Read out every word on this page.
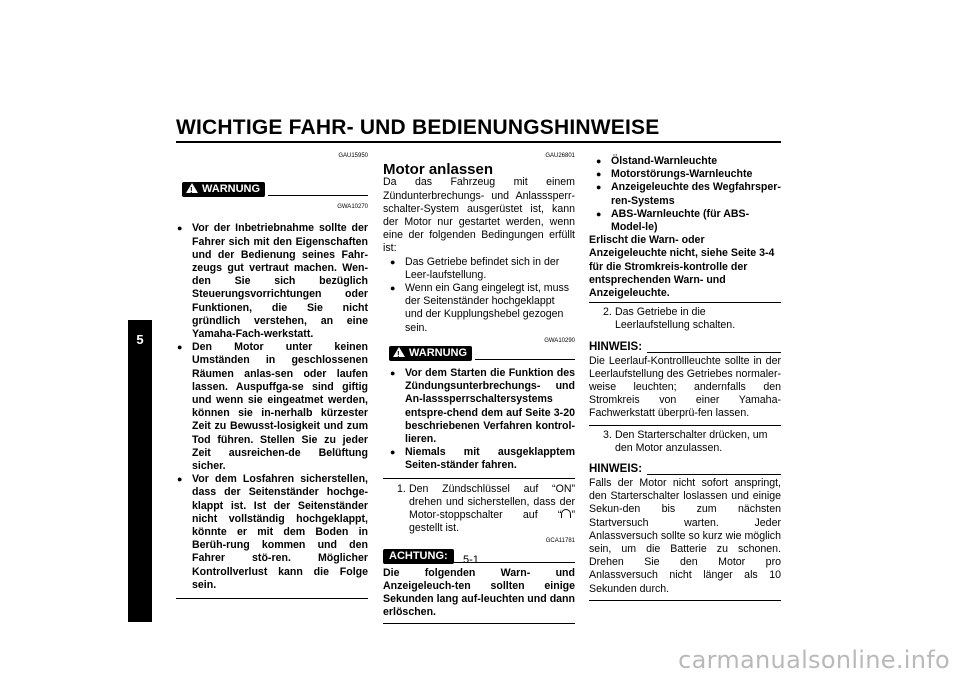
WICHTIGE FAHR- UND BEDIENUNGSHINWEISE
5
GAU15950
!WARNUNG
GWA10270
● Vor der Inbetriebnahme sollte der Fahrer sich mit den Eigenschaften und der Bedienung seines Fahr-zeugs gut vertraut machen. Wen-den Sie sich bezüglich Steuerungsvorrichtungen oder Funktionen, die Sie nicht gründlich verstehen, an eine Yamaha-Fach-werkstatt.
● Den Motor unter keinen Umständen in geschlossenen Räumen anlas-sen oder laufen lassen. Auspuffga-se sind giftig und wenn sie eingeatmet werden, können sie in-nerhalb kürzester Zeit zu Bewusst-losigkeit und zum Tod führen. Stellen Sie zu jeder Zeit ausreichen-de Belüftung sicher.
● Vor dem Losfahren sicherstellen, dass der Seitenständer hochge-klappt ist. Ist der Seitenständer nicht vollständig hochgeklappt, könnte er mit dem Boden in Berüh-rung kommen und den Fahrer stö-ren. Möglicher Kontrollverlust kann die Folge sein.
GAU26801
Motor anlassen
Da das Fahrzeug mit einem Zündunterbrechungs- und Anlasssperr-schalter-System ausgerüstet ist, kann der Motor nur gestartet werden, wenn eine der folgenden Bedingungen erfüllt ist:
● Das Getriebe befindet sich in der Leer-laufstellung.
● Wenn ein Gang eingelegt ist, muss der Seitenständer hochgeklappt und der Kupplungshebel gezogen sein.
GWA10290
!WARNUNG
● Vor dem Starten die Funktion des Zündungsunterbrechungs- und An-lasssperrschaltersystems entspre-chend dem auf Seite 3-20 beschriebenen Verfahren kontrol-lieren.
● Niemals mit ausgeklapptem Seiten-ständer fahren.
1. Den Zündschlüssel auf “ON” drehen und sicherstellen, dass der Motor-stoppschalter auf “ ” gestellt ist.
GCA11781
ACHTUNG:
Die folgenden Warn- und Anzeigeleuch-ten sollten einige Sekunden lang auf-leuchten und dann erlöschen.
● Ölstand-Warnleuchte
● Motorstörungs-Warnleuchte
● Anzeigeleuchte des Wegfahrsper-ren-Systems
● ABS-Warnleuchte (für ABS-Model-le)
Erlischt die Warn- oder Anzeigeleuchte nicht, siehe Seite 3-4 für die Stromkreis-kontrolle der entsprechenden Warn- und Anzeigeleuchte.
2. Das Getriebe in die Leerlaufstellung schalten.
HINWEIS:
Die Leerlauf-Kontrollleuchte sollte in der Leerlaufstellung des Getriebes normaler-weise leuchten; andernfalls den Stromkreis von einer Yamaha-Fachwerkstatt überprü-fen lassen.
3. Den Starterschalter drücken, um den Motor anzulassen.
HINWEIS:
Falls der Motor nicht sofort anspringt, den Starterschalter loslassen und einige Sekun-den bis zum nächsten Startversuch warten. Jeder Anlassversuch sollte so kurz wie möglich sein, um die Batterie zu schonen. Drehen Sie den Motor pro Anlassversuch nicht länger als 10 Sekunden durch.
5-1
carmanualsonline.info
